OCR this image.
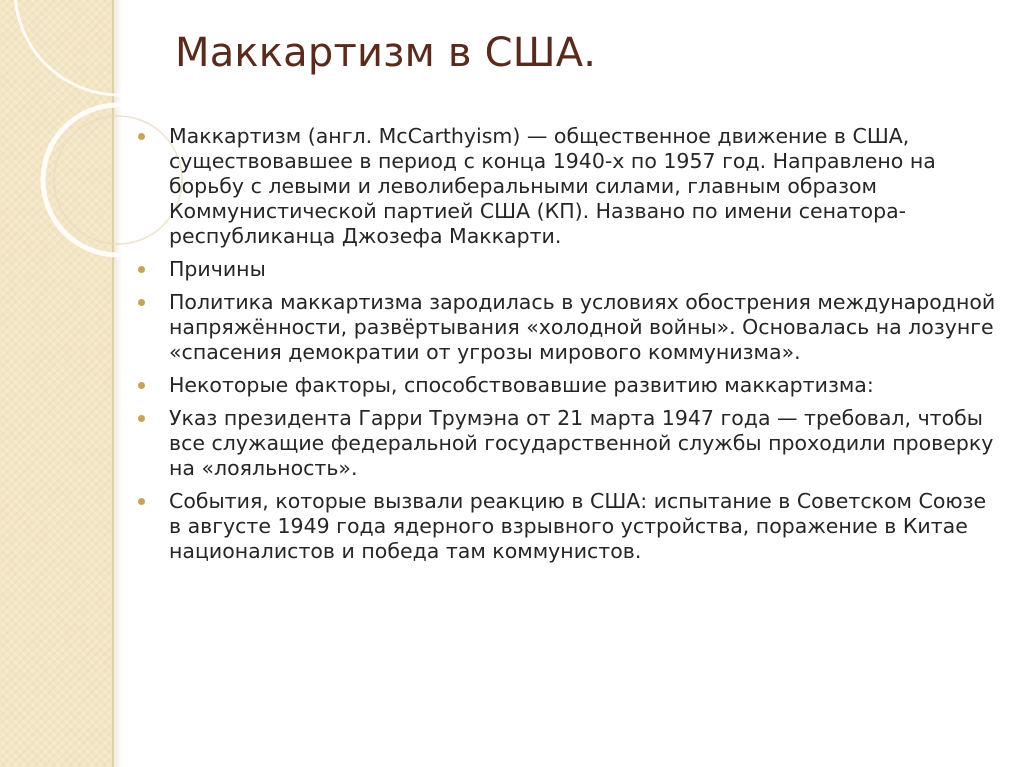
Маккартизм в США.
Маккартизм (англ. McCarthyism) — общественное движение в США, существовавшее в период с конца 1940-х по 1957 год. Направлено на борьбу с левыми и леволиберальными силами, главным образом Коммунистической партией США (КП). Названо по имени сенатора-республиканца Джозефа Маккарти.
Причины
Политика маккартизма зародилась в условиях обострения международной напряжённости, развёртывания «холодной войны». Основалась на лозунге «спасения демократии от угрозы мирового коммунизма».
Некоторые факторы, способствовавшие развитию маккартизма:
Указ президента Гарри Трумэна от 21 марта 1947 года — требовал, чтобы все служащие федеральной государственной службы проходили проверку на «лояльность».
События, которые вызвали реакцию в США: испытание в Советском Союзе в августе 1949 года ядерного взрывного устройства, поражение в Китае националистов и победа там коммунистов.
